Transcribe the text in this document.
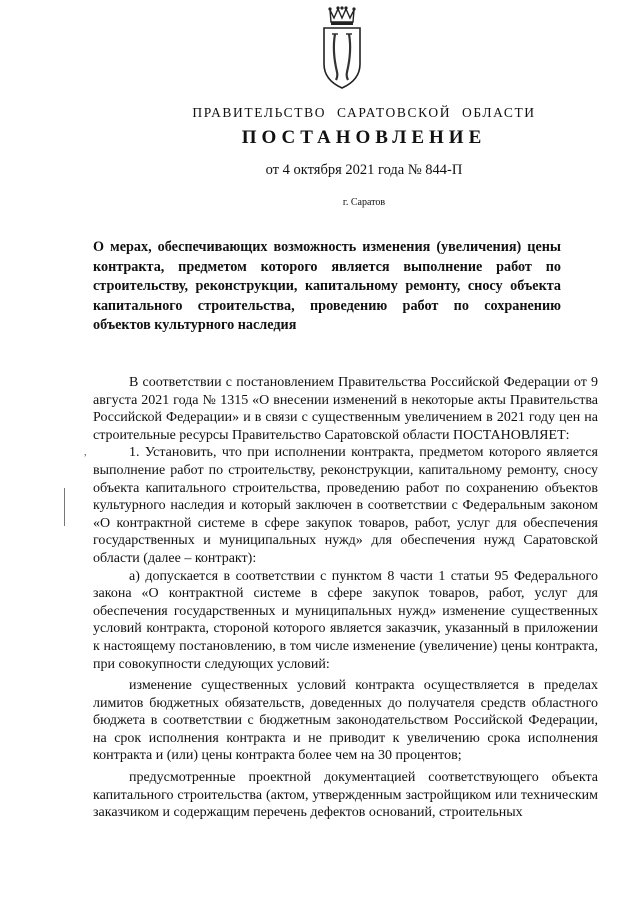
ПРАВИТЕЛЬСТВО САРАТОВСКОЙ ОБЛАСТИ
ПОСТАНОВЛЕНИЕ
от 4 октября 2021 года № 844-П
г. Саратов
О мерах, обеспечивающих возможность изменения (увеличения) цены контракта, предметом которого является выполнение работ по строительству, реконструкции, капитальному ремонту, сносу объекта капитального строительства, проведению работ по сохранению объектов культурного наследия
,

В соответствии с постановлением Правительства Российской Федерации от 9 августа 2021 года № 1315 «О внесении изменений в некоторые акты Правительства Российской Федерации» и в связи с существенным увеличением в 2021 году цен на строительные ресурсы Правительство Саратовской области ПОСТАНОВЛЯЕТ:

1. Установить, что при исполнении контракта, предметом которого является выполнение работ по строительству, реконструкции, капитальному ремонту, сносу объекта капитального строительства, проведению работ по сохранению объектов культурного наследия и который заключен в соответствии с Федеральным законом «О контрактной системе в сфере закупок товаров, работ, услуг для обеспечения государственных и муниципальных нужд» для обеспечения нужд Саратовской области (далее – контракт):

а) допускается в соответствии с пунктом 8 части 1 статьи 95 Федерального закона «О контрактной системе в сфере закупок товаров, работ, услуг для обеспечения государственных и муниципальных нужд» изменение существенных условий контракта, стороной которого является заказчик, указанный в приложении к настоящему постановлению, в том числе изменение (увеличение) цены контракта, при совокупности следующих условий:

изменение существенных условий контракта осуществляется в пределах лимитов бюджетных обязательств, доведенных до получателя средств областного бюджета в соответствии с бюджетным законодательством Российской Федерации, на срок исполнения контракта и не приводит к увеличению срока исполнения контракта и (или) цены контракта более чем на 30 процентов;

предусмотренные проектной документацией соответствующего объекта капитального строительства (актом, утвержденным застройщиком или техническим заказчиком и содержащим перечень дефектов оснований, строительных
